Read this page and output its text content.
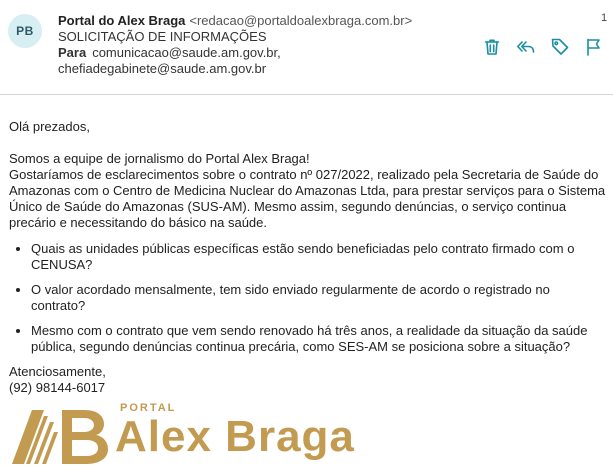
PB
Portal do Alex Braga <redacao@portaldoalexbraga.com.br>
SOLICITAÇÃO DE INFORMAÇÕES
Para comunicacao@saude.am.gov.br,
chefiadegabinete@saude.am.gov.br
1

Olá prezados,

Somos a equipe de jornalismo do Portal Alex Braga!

Gostaríamos de esclarecimentos sobre o contrato nº 027/2022, realizado pela Secretaria de Saúde do Amazonas com o Centro de Medicina Nuclear do Amazonas Ltda, para prestar serviços para o Sistema Único de Saúde do Amazonas (SUS-AM). Mesmo assim, segundo denúncias, o serviço continua precário e necessitando do básico na saúde.

• Quais as unidades públicas específicas estão sendo beneficiadas pelo contrato firmado com o CENUSA?
• O valor acordado mensalmente, tem sido enviado regularmente de acordo o registrado no contrato?
• Mesmo com o contrato que vem sendo renovado há três anos, a realidade da situação da saúde pública, segundo denúncias continua precária, como SES-AM se posiciona sobre a situação?

Atenciosamente,

(92) 98144-6017

PORTAL
Alex Braga
